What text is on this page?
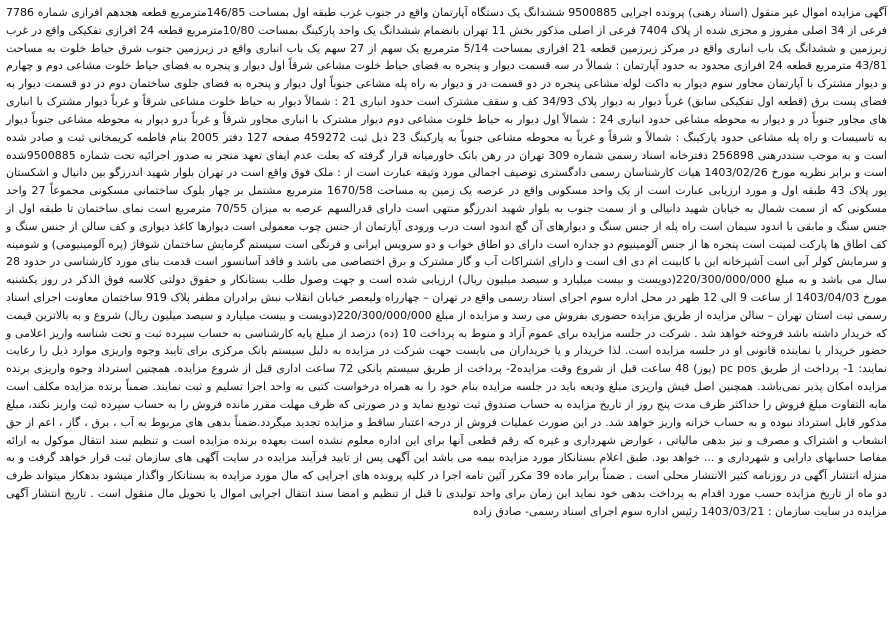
آگهی مزایده اموال غیر منقول (اسناد رهنی) پرونده اجرایی 9500885 ششدانگ یک دستگاه آپارتمان واقع در جنوب غرب طبقه اول بمساحت 146/85مترمربع قطعه هجدهم افرازی شماره 7786 فرعی از 34 اصلی مفروز و مجزی شده از پلاک 7404 فرعی از اصلی مذکور بخش 11 تهران بانضمام ششدانگ یک واحد پارکینگ بمساحت 10/80مترمربع قطعه 24 افرازی تفکیکی واقع در غرب زیرزمین و ششدانگ یک باب انباری واقع در مرکز زیرزمین قطعه 21 افرازی بمساحت 5/14 مترمربع یک سهم از 27 سهم یک باب انباری واقع در زیرزمین جنوب شرق حیاط خلوت به مساحت 43/81 مترمربع قطعه 24 افرازی محدود به حدود آپارتمان : شمالاً در سه قسمت دیوار و پنجره به فضای حیاط خلوت مشاعی شرقاً اول دیوار و پنجره به فضای حیاط خلوت مشاعی دوم و چهارم و دیوار مشترک با آپارتمان مجاور سوم دیوار به داکت لوله مشاعی پنجره در دو قسمت در و دیوار به راه پله مشاعی جنوباً اول دیوار و پنجره به فضای جلوی ساختمان دوم در دو قسمت دیوار به فضای پست برق (قطعه اول تفکیکی سابق) غرباً دیوار به دیوار پلاک 34/93 کف و سقف مشترک است حدود انباری 21 : شمالاً دیوار به حیاط خلوت مشاعی شرقاً و غرباً دیوار مشترک با انباری های مجاور جنوباً در و دیوار به محوطه مشاعی حدود انباری 24 : شمالاً اول دیوار به حیاط خلوت مشاعی دوم دیوار مشترک با انباری مجاور شرقاً و غرباً درو دیوار به محوطه مشاعی جنوباً دیوار به تاسیسات و راه پله مشاعی حدود پارکینگ : شمالاً و شرقاً و غرباً به محوطه مشاعی جنوباً به پارکینگ 23 ذیل ثبت 459272 صفحه 127 دفتر 2005 بنام فاطمه کریمخانی ثبت و صادر شده است و به موجب سنددرهنی 256898 دفترخانه اسناد رسمی شماره 309 تهران در رهن بانک خاورمیانه قرار گرفته که بعلت عدم ایفای تعهد منجر به صدور اجرائیه تحت شماره 9500885شده است و برابر نظریه مورخ 1403/02/26 هیات کارشناسان رسمی دادگستری توصیف اجمالی مورد وثیقه عبارت است از : ملک فوق واقع است در تهران بلوار شهید اندرزگو بین دانیال و اشکستان پور پلاک 43 طبقه اول و مورد ارزیابی عبارت است از یک واحد مسکونی واقع در عرصه یک زمین به مساحت 1670/58 مترمربع مشتمل بر چهار بلوک ساختمانی مسکونی مجموعاً 27 واحد مسکونی که از سمت شمال به خیابان شهید دانیالی و از سمت جنوب به بلوار شهید اندرزگو منتهی است دارای قدرالسهم عرصه به میزان 70/55 مترمربع است نمای ساختمان تا طبقه اول از جنس سنگ و مابقی با اندود سیمان است راه پله از جنس سنگ و دیوارهای آن گچ اندود است درب ورودی آپارتمان از جنس چوب معمولی است دیوارها کاغذ دیواری و کف سالن از جنس سنگ و کف اطاق ها پارکت لمینت است پنجره ها از جنس آلومینیوم دو جداره است دارای دو اطاق خواب و دو سرویس ایرانی و فرنگی است سیستم گرمایش ساختمان شوفاژ (پره آلومینیومی) و شومینه و سرمایش کولر آبی است آشپزخانه این با کابینت ام دی اف است و دارای اشتراکات آب و گاز مشترک و برق اختصاصی می باشد و فاقد آسانسور است قدمت بنای مورد کارشناسی در حدود 28 سال می باشد و به مبلغ 220/300/000/000(دویست و بیست میلیارد و سیصد میلیون ریال) ارزیابی شده است و جهت وصول طلب بستانکار و حقوق دولتی کلاسه فوق الذکر در روز یکشنبه مورخ 1403/04/03 از ساعت 9 الی 12 ظهر در محل اداره سوم اجرای اسناد رسمی واقع در تهران – چهارراه ولیعصر خیابان انقلاب نبش برادران مظفر پلاک 919 ساختمان معاونت اجرای اسناد رسمی ثبت استان تهران – سالن مزایده از طریق مزایده حضوری بفروش می رسد و مزایده از مبلغ 220/300/000/000(دویست و بیست میلیارد و سیصد میلیون ریال) شروع و به بالاترین قیمت که خریدار داشته باشد فروخته خواهد شد . شرکت در جلسه مزایده برای عموم آزاد و منوط به پرداخت 10 (ده) درصد از مبلغ پایه کارشناسی به حساب سپرده ثبت و تحت شناسه واریز اعلامی و حضور خریدار یا نماینده قانونی او در جلسه مزایده است. لذا خریدار و یا خریداران می بایست جهت شرکت در مزایده به دلیل سیستم بانک مرکزی برای تایید وجوه واریزی موارد ذیل را رعایت نمایند: 1- پرداخت از طریق pc pos (پوز) 48 ساعت قبل از شروع وقت مزایده2- پرداخت از طریق سیستم بانکی 72 ساعت اداری قبل از شروع مزایده. همچنین استرداد وجوه واریزی برنده مزایده امکان پذیر نمی‌باشد. همچنین اصل فیش واریزی مبلغ ودیعه باید در جلسه مزایده بنام خود را به همراه درخواست کتبی به واحد اجرا تسلیم و ثبت نمایند. ضمناً برنده مزایده مکلف است مابه التفاوت مبلغ فروش را حداکثر ظرف مدت پنج روز از تاریخ مزایده به حساب صندوق ثبت تودیع نماید و در صورتی که ظرف مهلت مقرر مانده فروش را به حساب سپرده ثبت واریز نکند، مبلغ مذکور قابل استرداد نبوده و به حساب خزانه واریز خواهد شد. در این صورت عملیات فروش از درجه اعتبار ساقط و مزایده تجدید میگردد.ضمناً بدهی های مربوط به آب ، برق ، گاز ، اعم از حق انشعاب و اشتراک و مصرف و نیز بدهی مالیاتی ، عوارض شهرداری و غیره که رقم قطعی آنها برای این اداره معلوم نشده است بعهده برنده مزایده است و تنظیم سند انتقال موکول به ارائه مفاصا حسابهای دارایی و شهرداری و ... خواهد بود. طبق اعلام بستانکار مورد مزایده بیمه می باشد این آگهی پس از تایید فرآیند مزایده در سایت آگهی های سازمان ثبت قرار خواهد گرفت و به منزله انتشار آگهی در روزنامه کثیر الانتشار محلی است . ضمناً برابر ماده 39 مکرر آئین نامه اجرا در کلیه پرونده های اجرایی که مال مورد مزایده به بستانکار واگذار میشود بدهکار میتواند ظرف دو ماه از تاریخ مزایده حسب مورد اقدام به پرداخت بدهی خود نماید این زمان برای واحد تولیدی تا قبل از تنظیم و امضا سند انتقال اجرایی اموال یا تحویل مال منقول است . تاریخ انتشار آگهی مزایده در سایت سازمان : 1403/03/21 رئیس اداره سوم اجرای اسناد رسمی- صادق زاده
